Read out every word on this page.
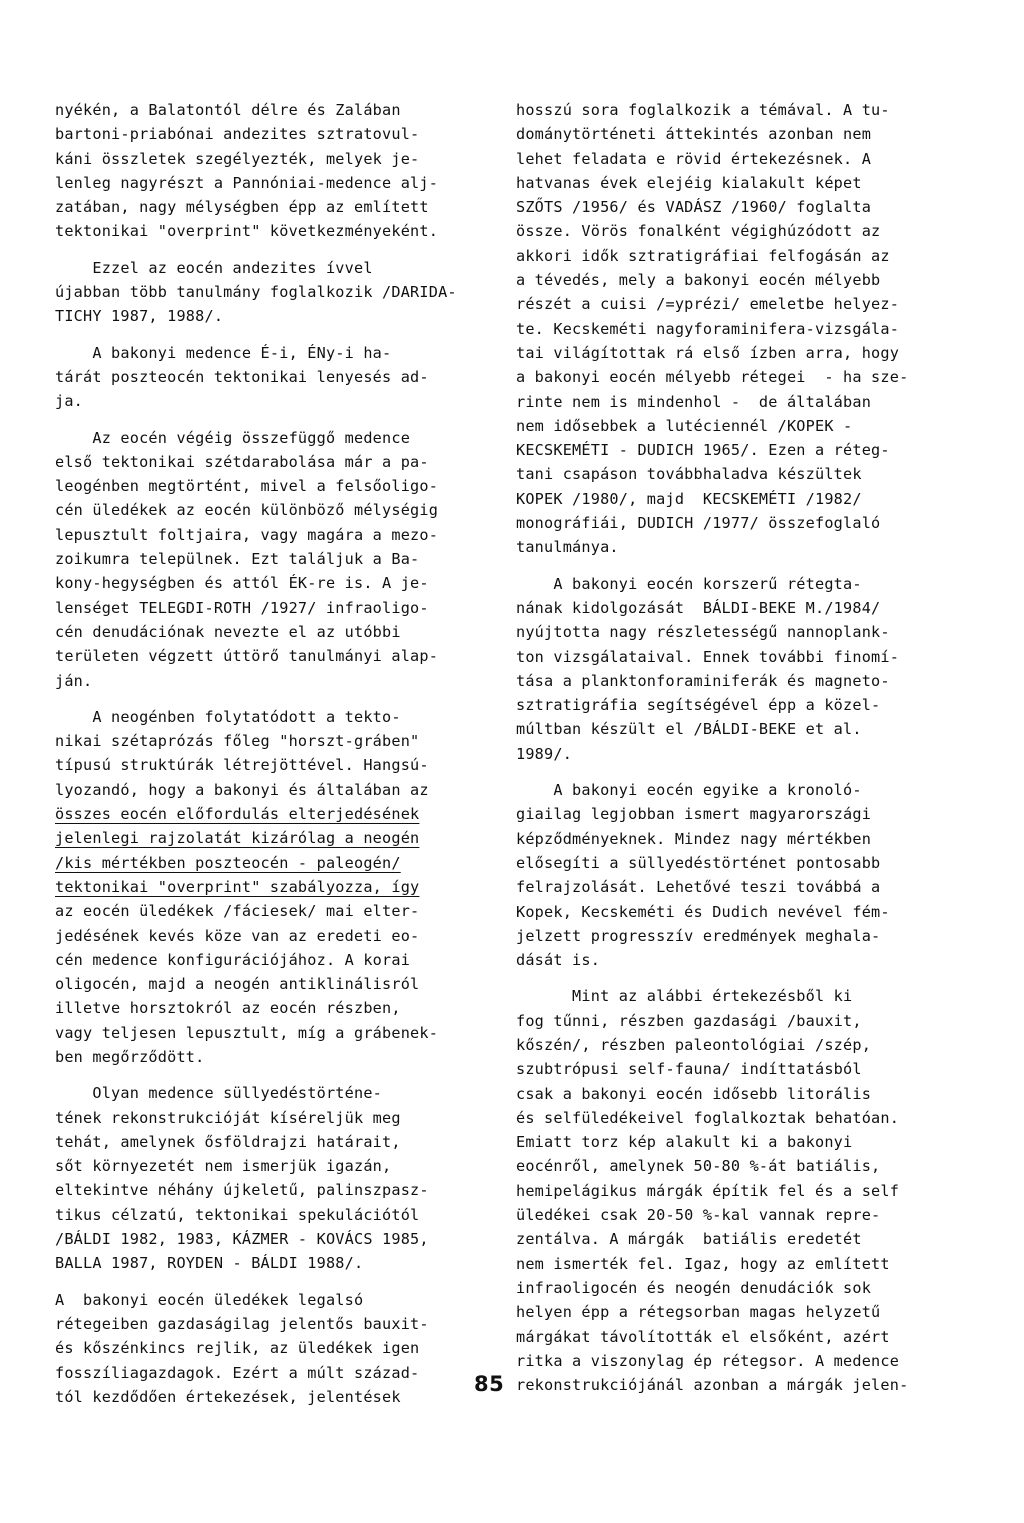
nyékén, a Balatontól délre és Zalában
bartoni-priabónai andezites sztratovul-
káni összletek szegélyezték, melyek je-
lenleg nagyrészt a Pannóniai-medence alj-
zatában, nagy mélységben épp az említett
tektonikai "overprint" következményeként.
Ezzel az eocén andezites ívvel
újabban több tanulmány foglalkozik /DARIDA-
TICHY 1987, 1988/.
A bakonyi medence É-i, ÉNy-i ha-
tárát poszteocén tektonikai lenyesés ad-
ja.
Az eocén végéig összefüggő medence
első tektonikai szétdarabolása már a pa-
leogénben megtörtént, mivel a felsőoligo-
cén üledékek az eocén különböző mélységig
lepusztult foltjaira, vagy magára a mezo-
zoikumra települnek. Ezt találjuk a Ba-
kony-hegységben és attól ÉK-re is. A je-
lenséget TELEGDI-ROTH /1927/ infraoligo-
cén denudációnak nevezte el az utóbbi
területen végzett úttörő tanulmányi alap-
ján.
A neogénben folytatódott a tekto-
nikai szétaprózás főleg "horszt-gráben"
típusú struktúrák létrejöttével. Hangsú-
lyozandó, hogy a bakonyi és általában az
összes eocén előfordulás elterjedésének
jelenlegi rajzolatát kizárólag a neogén
/kis mértékben poszteocén - paleogén/
tektonikai "overprint" szabályozza, így
az eocén üledékek /fáciesek/ mai elter-
jedésének kevés köze van az eredeti eo-
cén medence konfigurációjához. A korai
oligocén, majd a neogén antiklinálisról
illetve horsztokról az eocén részben,
vagy teljesen lepusztult, míg a grábenek-
ben megőrződött.
Olyan medence süllyedéstörténe-
tének rekonstrukcióját kíséreljük meg
tehát, amelynek ősföldrajzi határait,
sőt környezetét nem ismerjük igazán,
eltekintve néhány újkeletű, palinszpasz-
tikus célzatú, tektonikai spekulációtól
/BÁLDI 1982, 1983, KÁZMER - KOVÁCS 1985,
BALLA 1987, ROYDEN - BÁLDI 1988/.
A  bakonyi eocén üledékek legalsó
rétegeiben gazdaságilag jelentős bauxit-
és kőszénkincs rejlik, az üledékek igen
fosszíliagazdagok. Ezért a múlt század-
tól kezdődően értekezések, jelentések
hosszú sora foglalkozik a témával. A tu-
dománytörténeti áttekintés azonban nem
lehet feladata e rövid értekezésnek. A
hatvanas évek elejéig kialakult képet
SZŐTS /1956/ és VADÁSZ /1960/ foglalta
össze. Vörös fonalként végighúzódott az
akkori idők sztratigráfiai felfogásán az
a tévedés, mely a bakonyi eocén mélyebb
részét a cuisi /=yprézi/ emeletbe helyez-
te. Kecskeméti nagyforaminifera-vizsgála-
tai világítottak rá első ízben arra, hogy
a bakonyi eocén mélyebb rétegei  - ha sze-
rinte nem is mindenhol -  de általában
nem idősebbek a lutéciennél /KOPEK -
KECSKEMÉTI - DUDICH 1965/. Ezen a réteg-
tani csapáson továbbhaladva készültek
KOPEK /1980/, majd  KECSKEMÉTI /1982/
monográfiái, DUDICH /1977/ összefoglaló
tanulmánya.
A bakonyi eocén korszerű rétegta-
nának kidolgozását  BÁLDI-BEKE M./1984/
nyújtotta nagy részletességű nannoplank-
ton vizsgálataival. Ennek további finomí-
tása a planktonforaminiferák és magneto-
sztratigráfia segítségével épp a közel-
múltban készült el /BÁLDI-BEKE et al.
1989/.
A bakonyi eocén egyike a kronoló-
giailag legjobban ismert magyarországi
képződményeknek. Mindez nagy mértékben
elősegíti a süllyedéstörténet pontosabb
felrajzolását. Lehetővé teszi továbbá a
Kopek, Kecskeméti és Dudich nevével fém-
jelzett progresszív eredmények meghala-
dását is.
Mint az alábbi értekezésből ki
fog tűnni, részben gazdasági /bauxit,
kőszén/, részben paleontológiai /szép,
szubtrópusi self-fauna/ indíttatásból
csak a bakonyi eocén idősebb litorális
és selfüledékeivel foglalkoztak behatóan.
Emiatt torz kép alakult ki a bakonyi
eocénről, amelynek 50-80 %-át batiális,
hemipelágikus márgák építik fel és a self
üledékei csak 20-50 %-kal vannak repre-
zentálva. A márgák  batiális eredetét
nem ismerték fel. Igaz, hogy az említett
infraoligocén és neogén denudációk sok
helyen épp a rétegsorban magas helyzetű
márgákat távolították el elsőként, azért
ritka a viszonylag ép rétegsor. A medence
rekonstrukciójánál azonban a márgák jelen-
85
